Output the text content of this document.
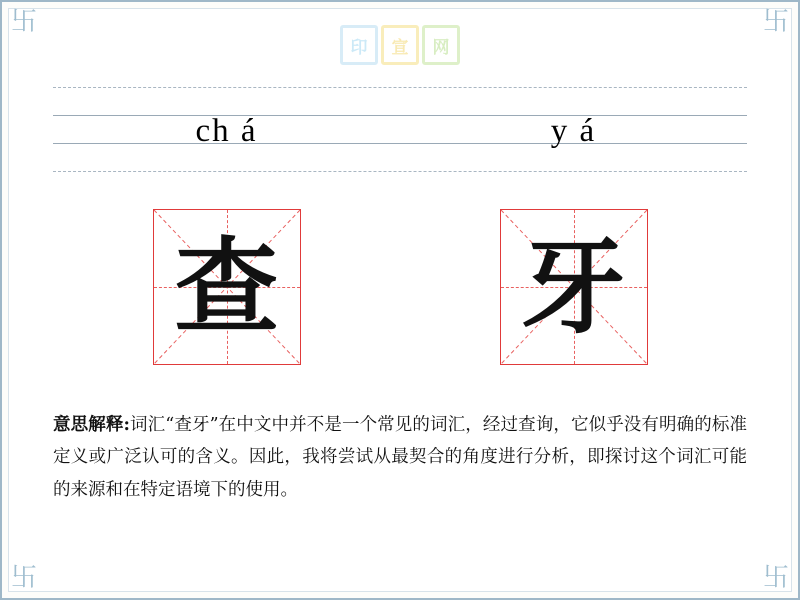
卐	卐
卐	卐
印	宣	网
ch á	y á
查 牙
意思解释:词汇“查牙”在中文中并不是一个常见的词汇，经过查询，它似乎没有明确的标准定义或广泛认可的含义。因此，我将尝试从最契合的角度进行分析，即探讨这个词汇可能的来源和在特定语境下的使用。
